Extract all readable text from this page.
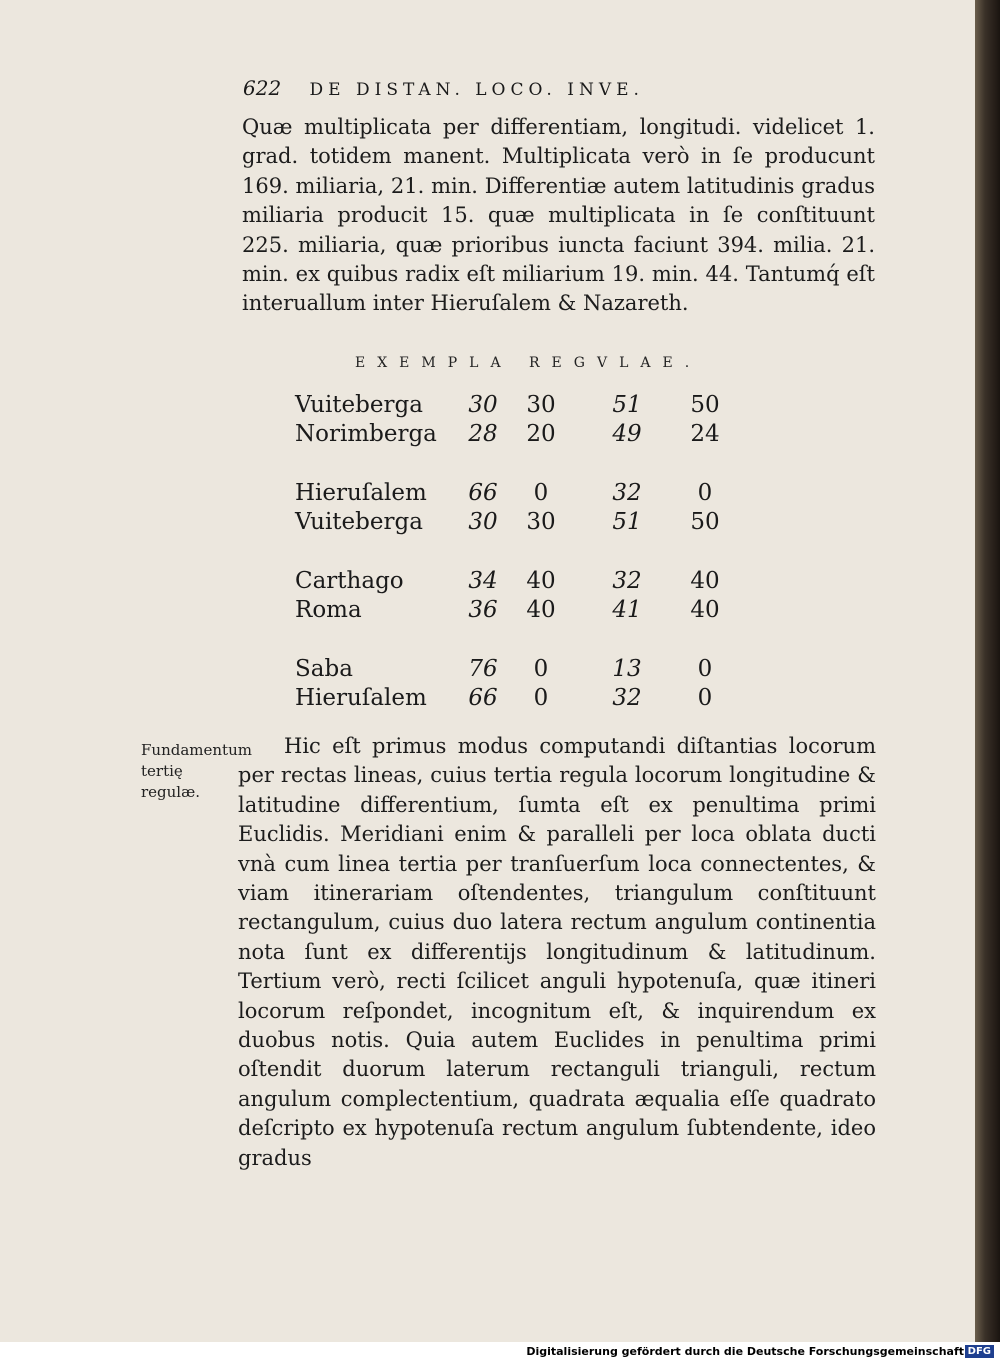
622 DE DISTAN. LOCO. INVE.
Quæ multiplicata per differentiam, longitudi. videlicet 1. grad. totidem manent. Multiplicata verò in ſe producunt 169. miliaria, 21. min. Differentiæ autem latitudinis gradus miliaria producit 15. quæ multiplicata in ſe conſtituunt 225. miliaria, quæ prioribus iuncta faciunt 394. milia. 21. min. ex quibus radix eſt miliarium 19. min. 44. Tantumq́ eſt interuallum inter Hieruſalem & Nazareth.
EXEMPLA REGVLAE.
Vuiteberga 30 30 51 50
Norimberga 28 20 49 24
Hieruſalem 66	0	32	0
Vuiteberga 30 30 51 50
Carthago	34 40 32 40
Roma	36 40 41 40
Saba	76	0	13	0
Hieruſalem 66	0	32	0
Fundamentum tertię regulæ.
Hic eſt primus modus computandi diſtantias locorum per rectas lineas, cuius tertia regula locorum longitudine & latitudine differentium, ſumta eſt ex penultima primi Euclidis. Meridiani enim & paralleli per loca oblata ducti vnà cum linea tertia per tranſuerſum loca connectentes, & viam itinerariam oſtendentes, triangulum conſtituunt rectangulum, cuius duo latera rectum angulum continentia nota ſunt ex differentijs longitudinum & latitudinum. Tertium verò, recti ſcilicet anguli hypotenuſa, quæ itineri locorum reſpondet, incognitum eſt, & inquirendum ex duobus notis. Quia autem Euclides in penultima primi oſtendit duorum laterum rectanguli trianguli, rectum angulum complectentium, quadrata æqualia eſſe quadrato deſcripto ex hypotenuſa rectum angulum ſubtendente, ideo gradus
Digitalisierung gefördert durch die Deutsche Forschungsgemeinschaft DFG
